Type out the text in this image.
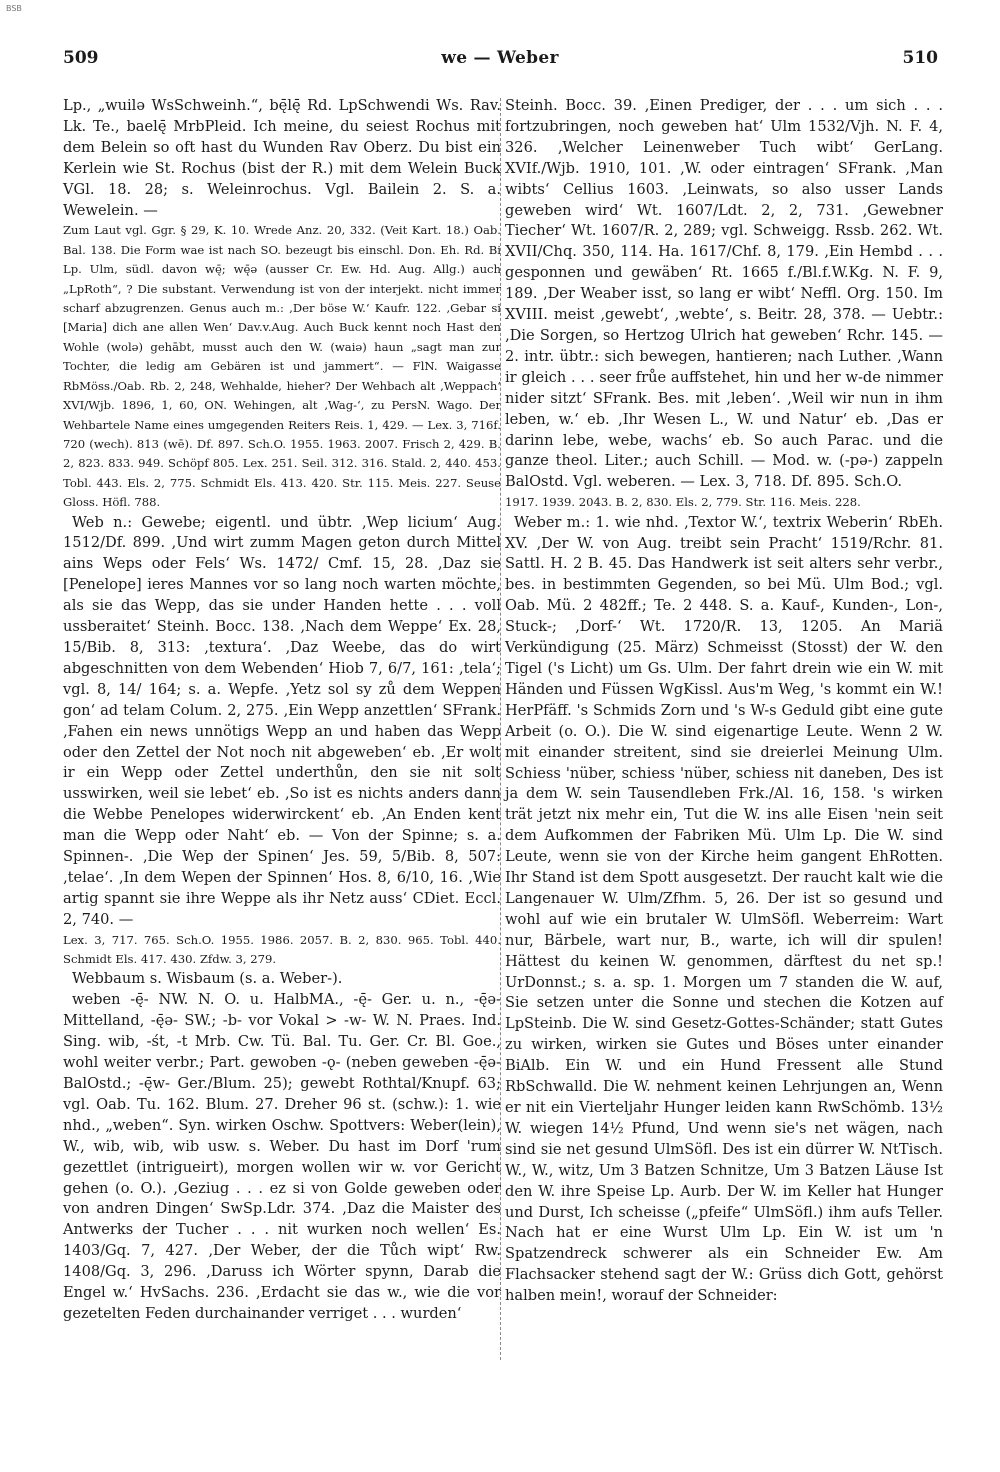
BSB
509	we — Weber	510

Lp., „wuilə WsSchweinh.“, bę̄lę̄ Rd. LpSchwendi Ws. Rav. Lk. Te., baelę̄ MrbPleid. Ich meine, du seiest Rochus mit dem Belein so oft hast du Wunden Rav Oberz. Du bist ein Kerlein wie St. Rochus (bist der R.) mit dem Welein Buck VGl. 18. 28; s. Weleinrochus. Vgl. Bailein 2. S. a. Wewelein. —

Zum Laut vgl. Ggr. § 29, K. 10. Wrede Anz. 20, 332. (Veit Kart. 18.) Oab. Bal. 138. Die Form wae ist nach SO. bezeugt bis einschl. Don. Eh. Rd. Bi Lp. Ulm, südl. davon wę̄; wę̄ə (ausser Cr. Ew. Hd. Aug. Allg.) auch „LpRoth“, ? Die substant. Verwendung ist von der interjekt. nicht immer scharf abzugrenzen. Genus auch m.: ‚Der böse W.‘ Kaufr. 122. ‚Gebar si [Maria] dich ane allen Wen‘ Dav.v.Aug. Auch Buck kennt noch Hast den Wohle (wolə) gehābt, musst auch den W. (waiə) haun „sagt man zur Tochter, die ledig am Gebären ist und jammert“. — FlN. Waigasse RbMöss./Oab. Rb. 2, 248, Wehhalde, hieher? Der Wehbach alt ‚Weppach‘ XVI/Wjb. 1896, 1, 60, ON. Wehingen, alt ‚Wag-‘, zu PersN. Wago. Der Wehbartele Name eines umgegenden Reiters Reis. 1, 429. — Lex. 3, 716f. 720 (wech). 813 (wē). Df. 897. Sch.O. 1955. 1963. 2007. Frisch 2, 429. B. 2, 823. 833. 949. Schöpf 805. Lex. 251. Seil. 312. 316. Stald. 2, 440. 453. Tobl. 443. Els. 2, 775. Schmidt Els. 413. 420. Str. 115. Meis. 227. Seuse Gloss. Höfl. 788.

Web n.: Gewebe; eigentl. und übtr. ‚Wep licium‘ Aug. 1512/Df. 899. ‚Und wirt zumm Magen geton durch Mittel ains Weps oder Fels‘ Ws. 1472/ Cmf. 15, 28. ‚Daz sie [Penelope] ieres Mannes vor so lang noch warten möchte, als sie das Wepp, das sie under Handen hette . . . voll ussberaitet‘ Steinh. Bocc. 138. ‚Nach dem Weppe‘ Ex. 28, 15/Bib. 8, 313: ‚textura‘. ‚Daz Weebe, das do wirt abgeschnitten von dem Webenden‘ Hiob 7, 6/7, 161: ‚tela‘; vgl. 8, 14/ 164; s. a. Wepfe. ‚Yetz sol sy zů dem Weppen gon‘ ad telam Colum. 2, 275. ‚Ein Wepp anzettlen‘ SFrank. ‚Fahen ein news unnötigs Wepp an und haben das Wepp oder den Zettel der Not noch nit abgeweben‘ eb. ‚Er wolt ir ein Wepp oder Zettel underthůn, den sie nit solt usswirken, weil sie lebet‘ eb. ‚So ist es nichts anders dann die Webbe Penelopes widerwirckent‘ eb. ‚An Enden kent man die Wepp oder Naht‘ eb. — Von der Spinne; s. a. Spinnen-. ‚Die Wep der Spinen‘ Jes. 59, 5/Bib. 8, 507: ‚telae‘. ‚In dem Wepen der Spinnen‘ Hos. 8, 6/10, 16. ‚Wie artig spannt sie ihre Weppe als ihr Netz auss‘ CDiet. Eccl. 2, 740. —

Lex. 3, 717. 765. Sch.O. 1955. 1986. 2057. B. 2, 830. 965. Tobl. 440. Schmidt Els. 417. 430. Zfdw. 3, 279.

Webbaum s. Wisbaum (s. a. Weber-).

weben -ę̄- NW. N. O. u. HalbMA., -ę̄- Ger. u. n., -ę̄ə- Mittelland, -ę̄ə- SW.; -b- vor Vokal > -w- W. N. Praes. Ind. Sing. wib, -śt, -t Mrb. Cw. Tü. Bal. Tu. Ger. Cr. Bl. Goe., wohl weiter verbr.; Part. gewoben -ǫ- (neben geweben -ę̄ə- BalOstd.; -ę̄w- Ger./Blum. 25); gewebt Rothtal/Knupf. 63; vgl. Oab. Tu. 162. Blum. 27. Dreher 96 st. (schw.): 1. wie nhd., „weben“. Syn. wirken Oschw. Spottvers: Weber(lein), W., wib, wib, wib usw. s. Weber. Du hast im Dorf 'rum gezettlet (intrigueirt), morgen wollen wir w. vor Gericht gehen (o. O.). ‚Geziug . . . ez si von Golde geweben oder von andren Dingen‘ SwSp.Ldr. 374. ‚Daz die Maister des Antwerks der Tucher . . . nit wurken noch wellen‘ Es. 1403/Gq. 7, 427. ‚Der Weber, der die Tůch wipt‘ Rw. 1408/Gq. 3, 296. ‚Daruss ich Wörter spynn, Darab die Engel w.‘ HvSachs. 236. ‚Erdacht sie das w., wie die vor gezetelten Feden durchainander verriget . . . wurden‘

Steinh. Bocc. 39. ‚Einen Prediger, der . . . um sich . . . fortzubringen, noch geweben hat‘ Ulm 1532/Vjh. N. F. 4, 326. ‚Welcher Leinenweber Tuch wibt‘ GerLang. XVIf./Wjb. 1910, 101. ‚W. oder eintragen‘ SFrank. ‚Man wibts‘ Cellius 1603. ‚Leinwats, so also usser Lands geweben wird‘ Wt. 1607/Ldt. 2, 2, 731. ‚Gewebner Tiecher‘ Wt. 1607/R. 2, 289; vgl. Schweigg. Rssb. 262. Wt. XVII/Chq. 350, 114. Ha. 1617/Chf. 8, 179. ‚Ein Hembd . . . gesponnen und gewäben‘ Rt. 1665 f./Bl.f.W.Kg. N. F. 9, 189. ‚Der Weaber isst, so lang er wibt‘ Neffl. Org. 150. Im XVIII. meist ‚gewebt‘, ‚webte‘, s. Beitr. 28, 378. — Uebtr.: ‚Die Sorgen, so Hertzog Ulrich hat geweben‘ Rchr. 145. — 2. intr. übtr.: sich bewegen, hantieren; nach Luther. ‚Wann ir gleich . . . seer frůe auffstehet, hin und her w-de nimmer nider sitzt‘ SFrank. Bes. mit ‚leben‘. ‚Weil wir nun in ihm leben, w.‘ eb. ‚Ihr Wesen L., W. und Natur‘ eb. ‚Das er darinn lebe, webe, wachs‘ eb. So auch Parac. und die ganze theol. Liter.; auch Schill. — Mod. w. (-pə-) zappeln BalOstd. Vgl. weberen. — Lex. 3, 718. Df. 895. Sch.O.

1917. 1939. 2043. B. 2, 830. Els. 2, 779. Str. 116. Meis. 228.

Weber m.: 1. wie nhd. ‚Textor W.‘, textrix Weberin‘ RbEh. XV. ‚Der W. von Aug. treibt sein Pracht‘ 1519/Rchr. 81. Sattl. H. 2 B. 45. Das Handwerk ist seit alters sehr verbr., bes. in bestimmten Gegenden, so bei Mü. Ulm Bod.; vgl. Oab. Mü. 2 482ff.; Te. 2 448. S. a. Kauf-, Kunden-, Lon-, Stuck-; ‚Dorf-‘ Wt. 1720/R. 13, 1205. An Mariä Verkündigung (25. März) Schmeisst (Stosst) der W. den Tigel ('s Licht) um Gs. Ulm. Der fahrt drein wie ein W. mit Händen und Füssen WgKissl. Aus'm Weg, 's kommt ein W.! HerPfäff. 's Schmids Zorn und 's W-s Geduld gibt eine gute Arbeit (o. O.). Die W. sind eigenartige Leute. Wenn 2 W. mit einander streitent, sind sie dreierlei Meinung Ulm. Schiess 'nüber, schiess 'nüber, schiess nit daneben, Des ist ja dem W. sein Tausendleben Frk./Al. 16, 158. 's wirken trät jetzt nix mehr ein, Tut die W. ins alle Eisen 'nein seit dem Aufkommen der Fabriken Mü. Ulm Lp. Die W. sind Leute, wenn sie von der Kirche heim gangent EhRotten. Ihr Stand ist dem Spott ausgesetzt. Der raucht kalt wie die Langenauer W. Ulm/Zfhm. 5, 26. Der ist so gesund und wohl auf wie ein brutaler W. UlmSöfl. Weberreim: Wart nur, Bärbele, wart nur, B., warte, ich will dir spulen! Hättest du keinen W. genommen, därftest du net sp.! UrDonnst.; s. a. sp. 1. Morgen um 7 standen die W. auf, Sie setzen unter die Sonne und stechen die Kotzen auf LpSteinb. Die W. sind Gesetz-Gottes-Schänder; statt Gutes zu wirken, wirken sie Gutes und Böses unter einander BiAlb. Ein W. und ein Hund Fressent alle Stund RbSchwalld. Die W. nehment keinen Lehrjungen an, Wenn er nit ein Vierteljahr Hunger leiden kann RwSchömb. 13½ W. wiegen 14½ Pfund, Und wenn sie's net wägen, nach sind sie net gesund UlmSöfl. Des ist ein dürrer W. NtTisch. W., W., witz, Um 3 Batzen Schnitze, Um 3 Batzen Läuse Ist den W. ihre Speise Lp. Aurb. Der W. im Keller hat Hunger und Durst, Ich scheisse („pfeife“ UlmSöfl.) ihm aufs Teller. Nach hat er eine Wurst Ulm Lp. Ein W. ist um 'n Spatzendreck schwerer als ein Schneider Ew. Am Flachsacker stehend sagt der W.: Grüss dich Gott, gehörst halben mein!, worauf der Schneider:
